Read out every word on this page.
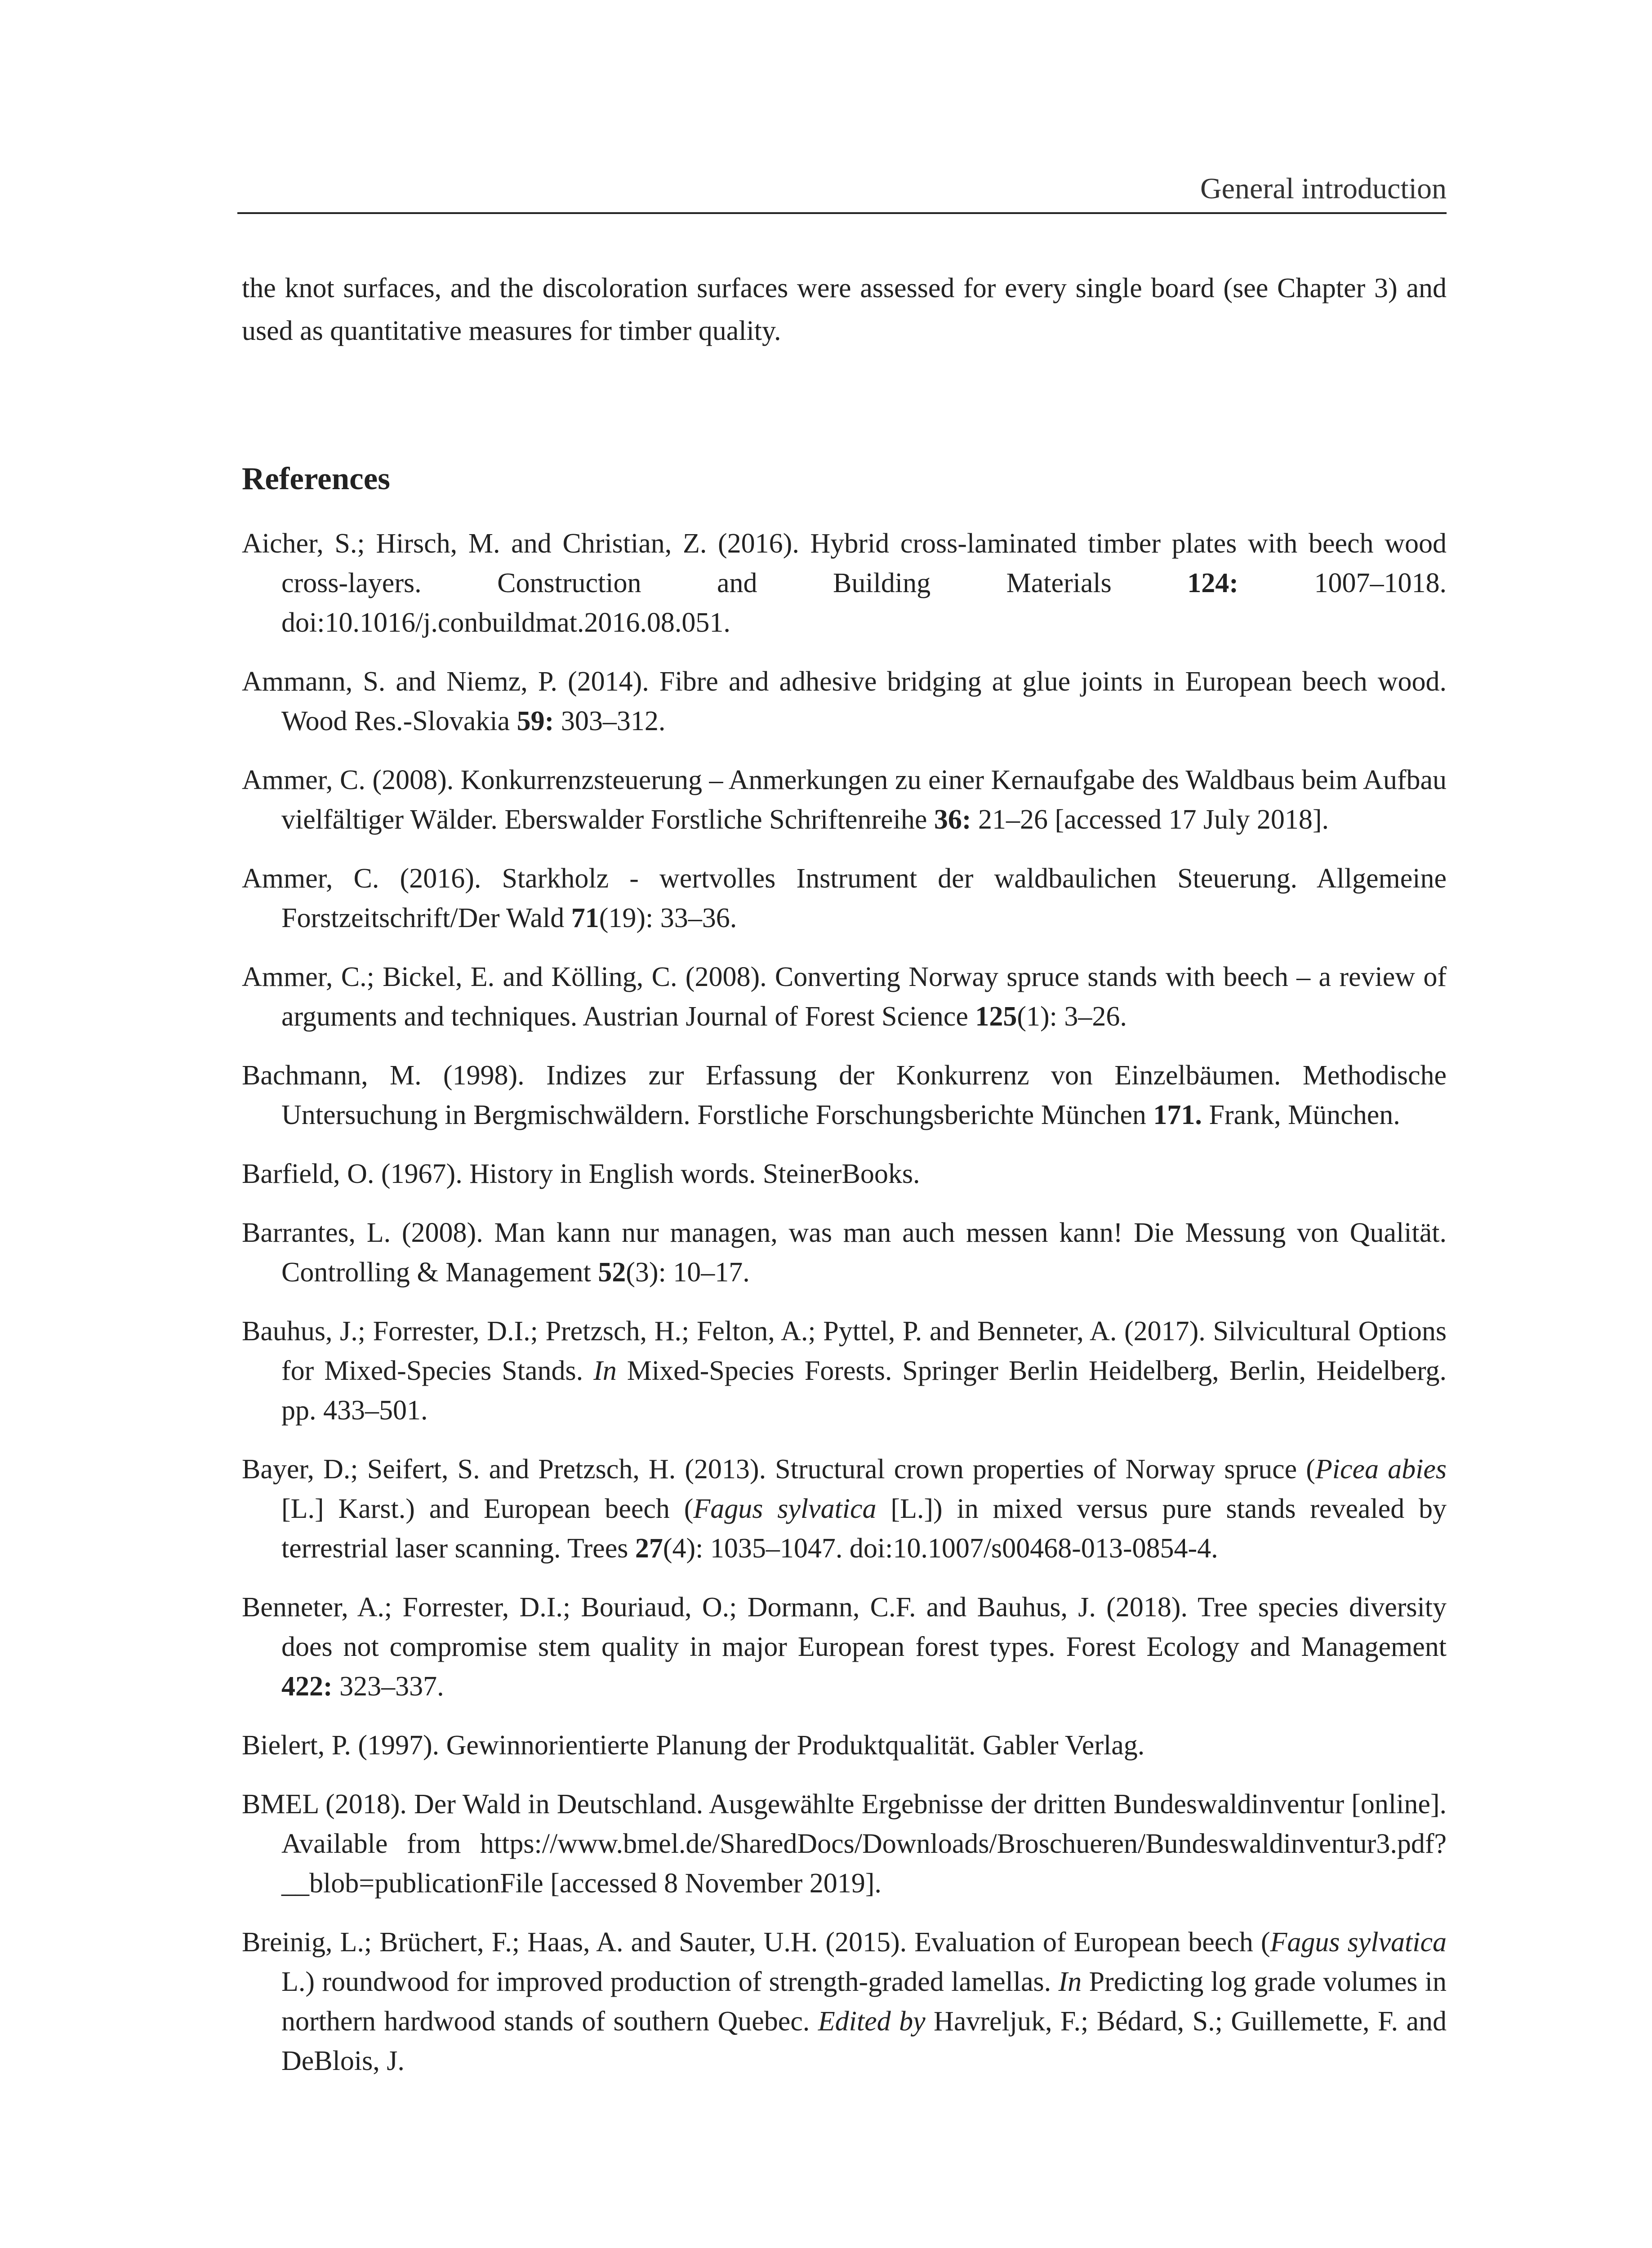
General introduction

the knot surfaces, and the discoloration surfaces were assessed for every single board (see Chapter 3) and used as quantitative measures for timber quality.

References
Aicher, S.; Hirsch, M. and Christian, Z. (2016). Hybrid cross-laminated timber plates with beech wood cross-layers. Construction and Building Materials 124: 1007–1018. doi:10.1016/j.conbuildmat.2016.08.051.
Ammann, S. and Niemz, P. (2014). Fibre and adhesive bridging at glue joints in European beech wood. Wood Res.-Slovakia 59: 303–312.
Ammer, C. (2008). Konkurrenzsteuerung – Anmerkungen zu einer Kernaufgabe des Waldbaus beim Aufbau vielfältiger Wälder. Eberswalder Forstliche Schriftenreihe 36: 21–26 [accessed 17 July 2018].
Ammer, C. (2016). Starkholz - wertvolles Instrument der waldbaulichen Steuerung. Allgemeine Forstzeitschrift/Der Wald 71(19): 33–36.
Ammer, C.; Bickel, E. and Kölling, C. (2008). Converting Norway spruce stands with beech – a review of arguments and techniques. Austrian Journal of Forest Science 125(1): 3–26.
Bachmann, M. (1998). Indizes zur Erfassung der Konkurrenz von Einzelbäumen. Methodische Untersuchung in Bergmischwäldern. Forstliche Forschungsberichte München 171. Frank, München.
Barfield, O. (1967). History in English words. SteinerBooks.
Barrantes, L. (2008). Man kann nur managen, was man auch messen kann! Die Messung von Qualität. Controlling & Management 52(3): 10–17.
Bauhus, J.; Forrester, D.I.; Pretzsch, H.; Felton, A.; Pyttel, P. and Benneter, A. (2017). Silvicultural Options for Mixed-Species Stands. In Mixed-Species Forests. Springer Berlin Heidelberg, Berlin, Heidelberg. pp. 433–501.
Bayer, D.; Seifert, S. and Pretzsch, H. (2013). Structural crown properties of Norway spruce (Picea abies [L.] Karst.) and European beech (Fagus sylvatica [L.]) in mixed versus pure stands revealed by terrestrial laser scanning. Trees 27(4): 1035–1047. doi:10.1007/s00468-013-0854-4.
Benneter, A.; Forrester, D.I.; Bouriaud, O.; Dormann, C.F. and Bauhus, J. (2018). Tree species diversity does not compromise stem quality in major European forest types. Forest Ecology and Management 422: 323–337.
Bielert, P. (1997). Gewinnorientierte Planung der Produktqualität. Gabler Verlag.
BMEL (2018). Der Wald in Deutschland. Ausgewählte Ergebnisse der dritten Bundeswaldinventur [online]. Available from https://www.bmel.de/SharedDocs/Downloads/Broschueren/Bundeswaldinventur3.pdf?__blob=publicationFile [accessed 8 November 2019].
Breinig, L.; Brüchert, F.; Haas, A. and Sauter, U.H. (2015). Evaluation of European beech (Fagus sylvatica L.) roundwood for improved production of strength-graded lamellas. In Predicting log grade volumes in northern hardwood stands of southern Quebec. Edited by Havreljuk, F.; Bédard, S.; Guillemette, F. and DeBlois, J.
